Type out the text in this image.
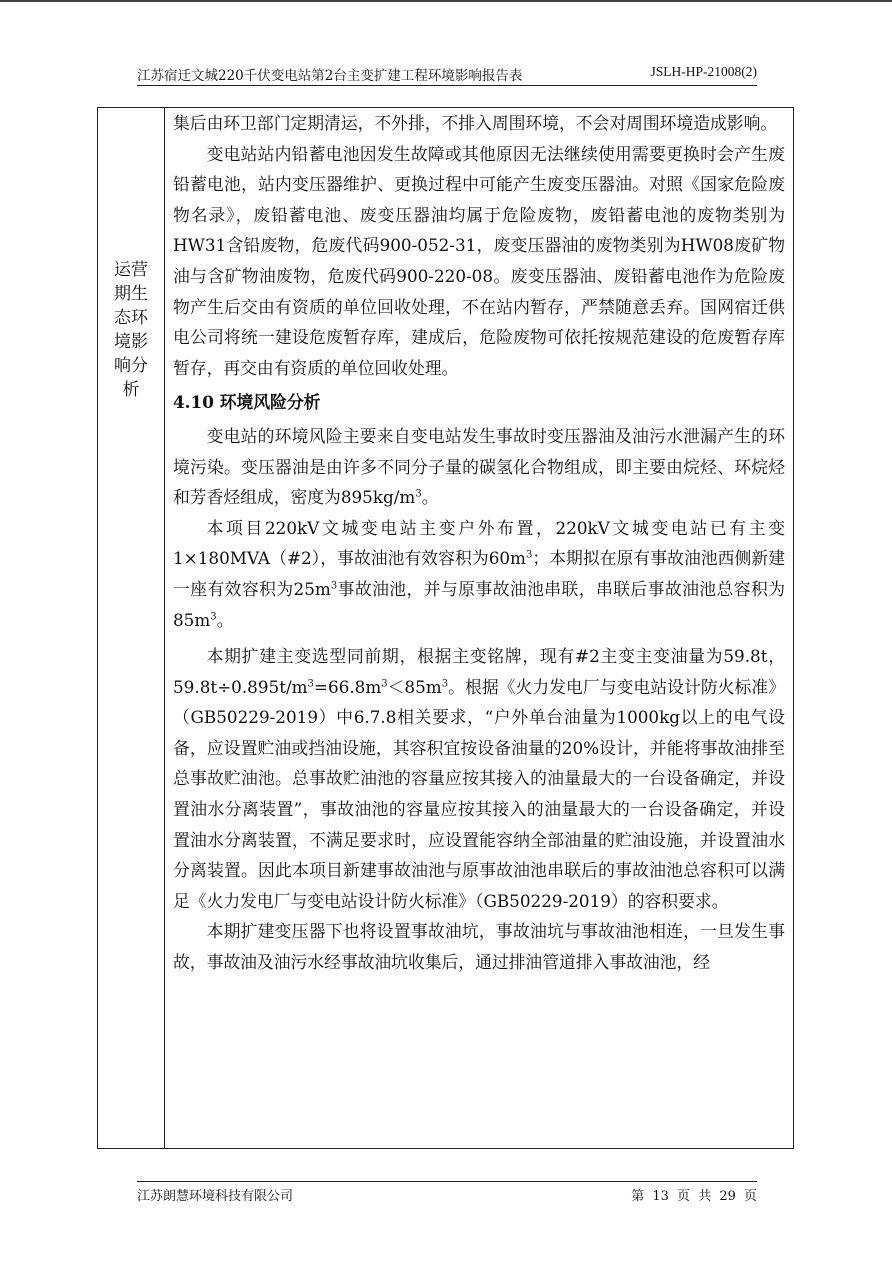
江苏宿迁文城220千伏变电站第2台主变扩建工程环境影响报告表	JSLH-HP-21008(2)
运营
期生
态环
境影
响分
析

集后由环卫部门定期清运，不外排，不排入周围环境，不会对周围环境造成影响。

变电站站内铅蓄电池因发生故障或其他原因无法继续使用需要更换时会产生废铅蓄电池，站内变压器维护、更换过程中可能产生废变压器油。对照《国家危险废物名录》，废铅蓄电池、废变压器油均属于危险废物，废铅蓄电池的废物类别为HW31含铅废物，危废代码900-052-31，废变压器油的废物类别为HW08废矿物油与含矿物油废物，危废代码900-220-08。废变压器油、废铅蓄电池作为危险废物产生后交由有资质的单位回收处理，不在站内暂存，严禁随意丢弃。国网宿迁供电公司将统一建设危废暂存库，建成后，危险废物可依托按规范建设的危废暂存库暂存，再交由有资质的单位回收处理。

4.10 环境风险分析

变电站的环境风险主要来自变电站发生事故时变压器油及油污水泄漏产生的环境污染。变压器油是由许多不同分子量的碳氢化合物组成，即主要由烷烃、环烷烃和芳香烃组成，密度为$895kg/m^3$。

本项目220kV文城变电站主变户外布置，220kV文城变电站已有主变1×180MVA（#2），事故油池有效容积为$60m^3$；本期拟在原有事故油池西侧新建一座有效容积为$25m^3$事故油池，并与原事故油池串联，串联后事故油池总容积为$85m^3$。

本期扩建主变选型同前期，根据主变铭牌，现有#2主变主变油量为59.8t，$59.8t\div 0.895t/m^3=66.8m^3<85m^3$。根据《火力发电厂与变电站设计防火标准》（GB50229-2019）中6.7.8相关要求，“户外单台油量为1000kg以上的电气设备，应设置贮油或挡油设施，其容积宜按设备油量的20%设计，并能将事故油排至总事故贮油池。总事故贮油池的容量应按其接入的油量最大的一台设备确定，并设置油水分离装置”，事故油池的容量应按其接入的油量最大的一台设备确定，并设置油水分离装置，不满足要求时，应设置能容纳全部油量的贮油设施，并设置油水分离装置。因此本项目新建事故油池与原事故油池串联后的事故油池总容积可以满足《火力发电厂与变电站设计防火标准》（GB50229-2019）的容积要求。

本期扩建变压器下也将设置事故油坑，事故油坑与事故油池相连，一旦发生事故，事故油及油污水经事故油坑收集后，通过排油管道排入事故油池，经

江苏朗慧环境科技有限公司	第 13 页 共 29 页
